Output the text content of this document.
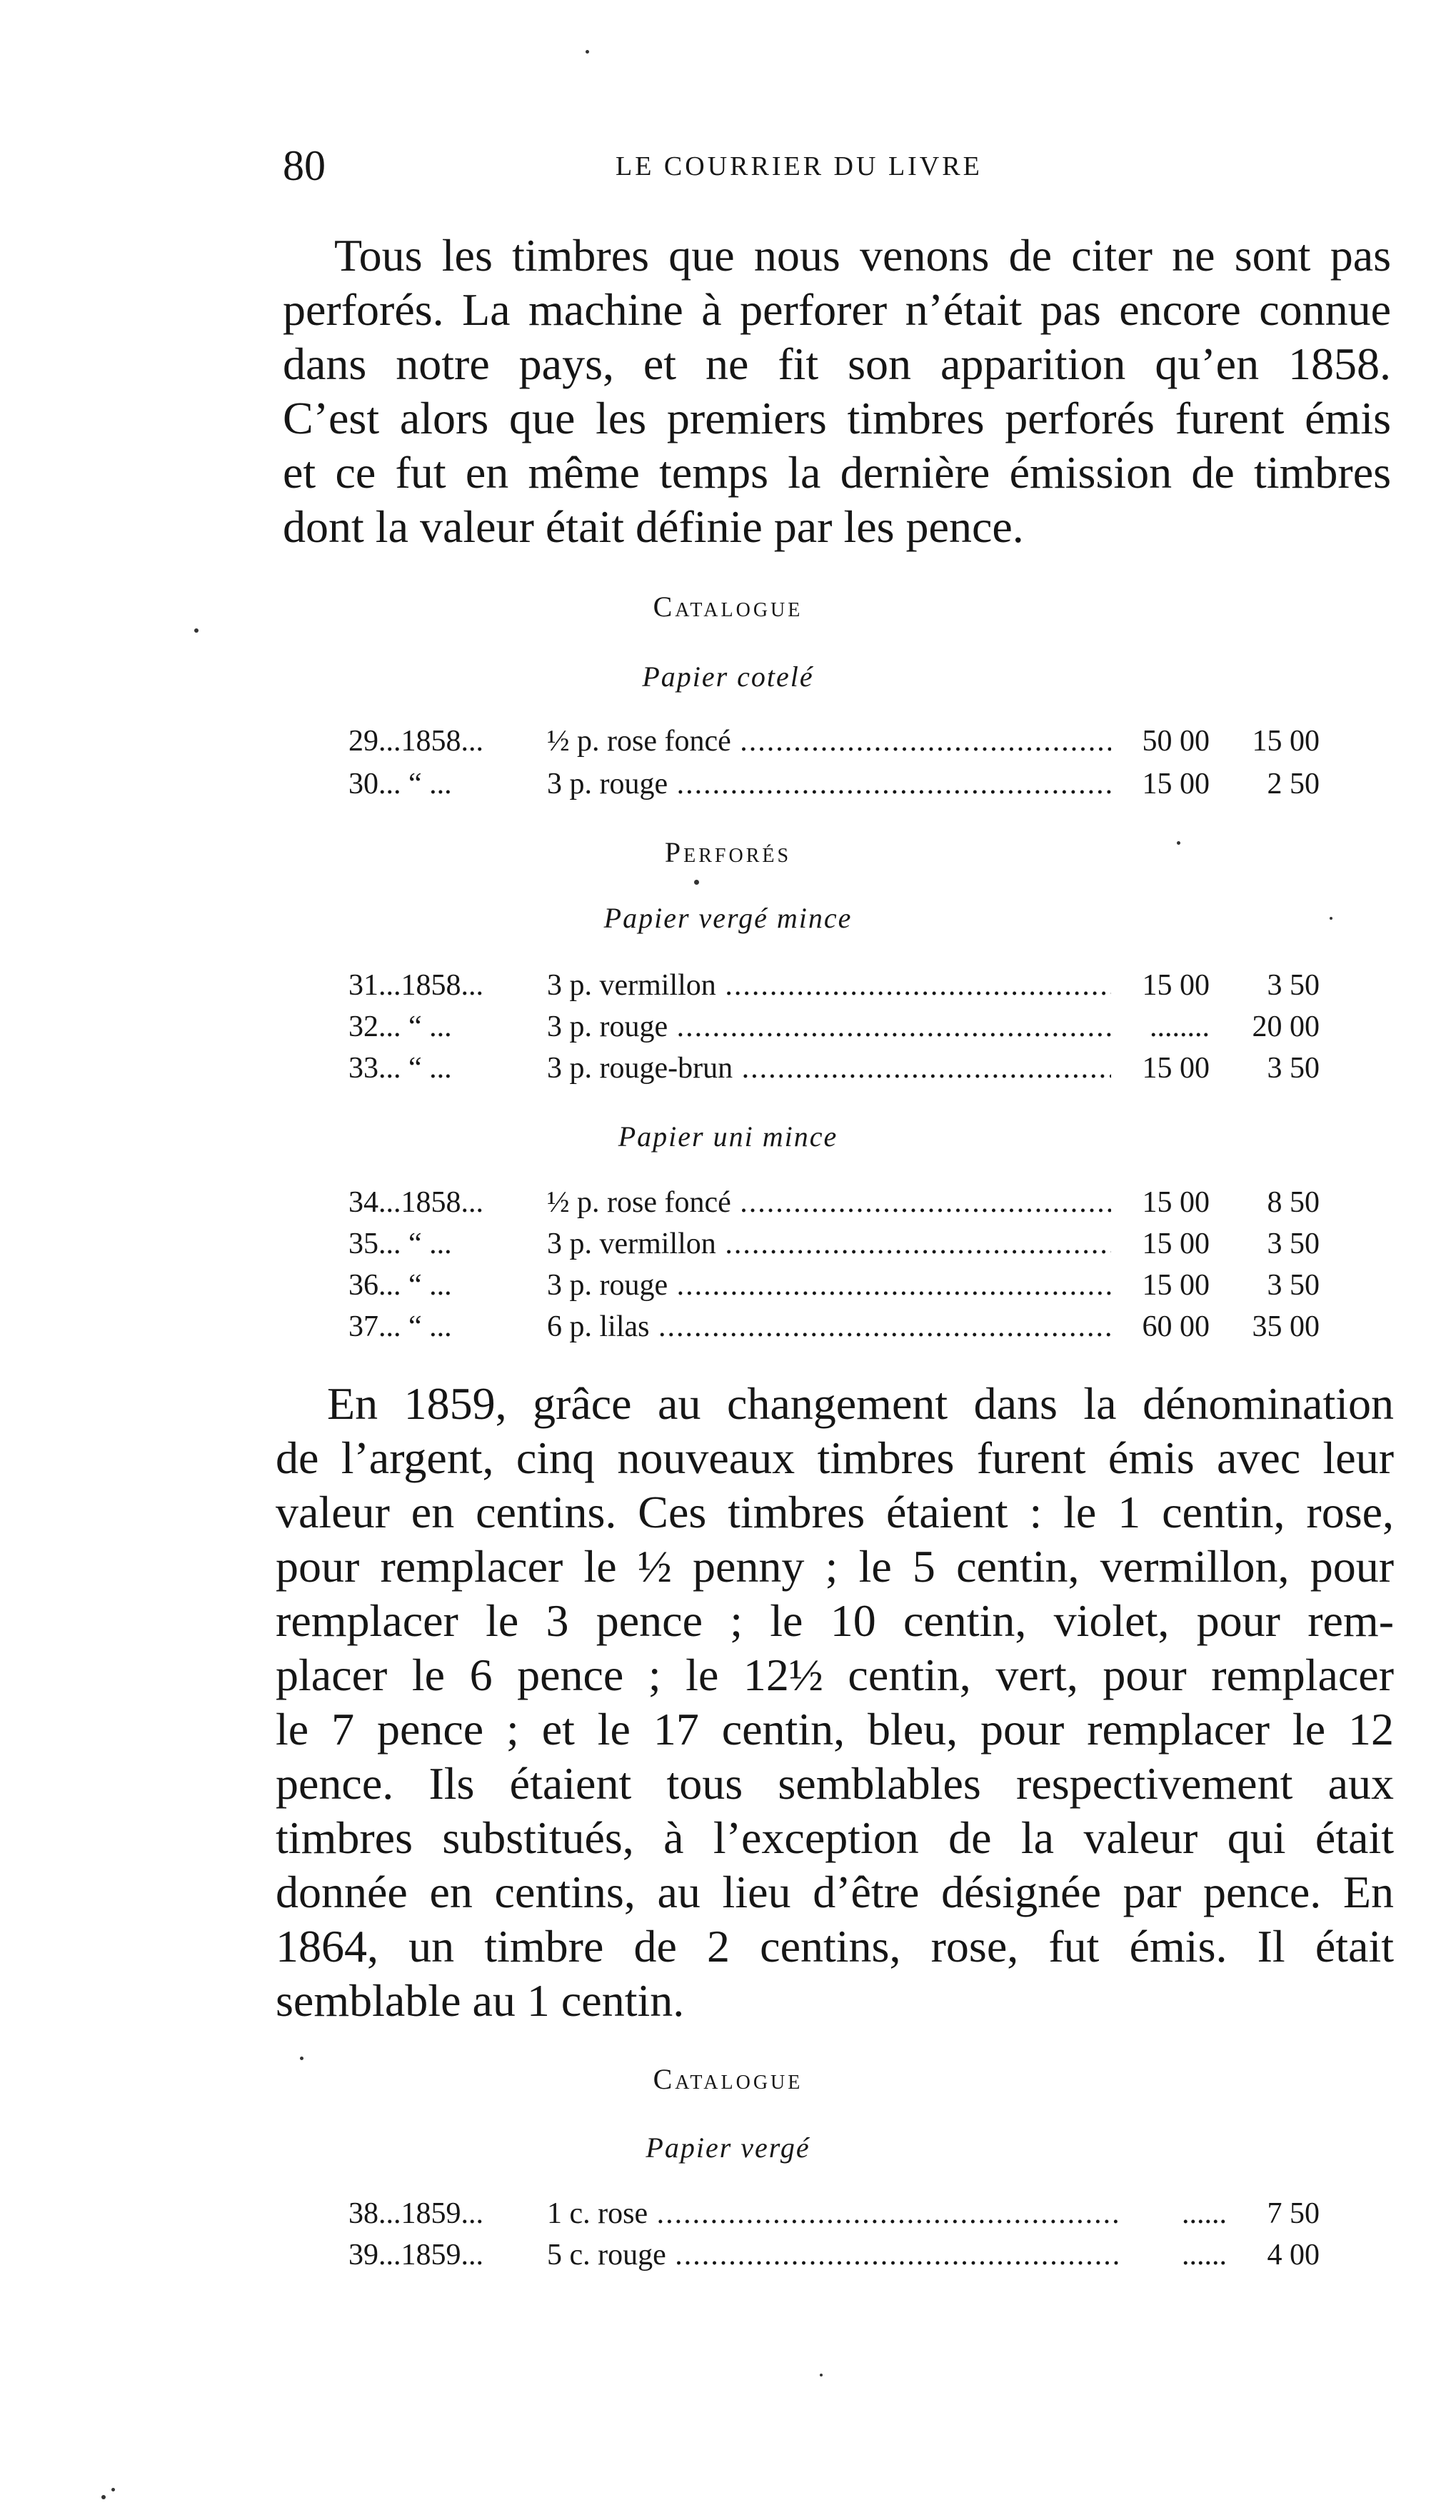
80	LE COURRIER DU LIVRE
Tous les timbres que nous venons de citer ne sont pas
perforés. La machine à perforer n’était pas encore connue
dans notre pays, et ne fit son apparition qu’en 1858.
C’est alors que les premiers timbres perforés furent émis
et ce fut en même temps la dernière émission de timbres
dont la valeur était définie par les pence.
Catalogue
Papier cotelé
29...1858... ½ p. rose foncé .....	50 00	15 00
30... “ ...	3 p. rouge .....	15 00	2 50
Perforés
Papier vergé mince
31...1858... 3 p. vermillon .....	15 00	3 50
32... “ ...	3 p. rouge .....	........	20 00
33... “ ...	3 p. rouge-brun .....	15 00	3 50
Papier uni mince
34...1858... ½ p. rose foncé .....	15 00	8 50
35... “ ...	3 p. vermillon .....	15 00	3 50
36... “ ...	3 p. rouge .....	15 00	3 50
37... “ ...	6 p. lilas .....	60 00	35 00
En 1859, grâce au changement dans la dénomination
de l’argent, cinq nouveaux timbres furent émis avec leur
valeur en centins. Ces timbres étaient : le 1 centin, rose,
pour remplacer le ½ penny ; le 5 centin, vermillon, pour
remplacer le 3 pence ; le 10 centin, violet, pour rem-
placer le 6 pence ; le 12½ centin, vert, pour remplacer
le 7 pence ; et le 17 centin, bleu, pour remplacer le 12
pence. Ils étaient tous semblables respectivement aux
timbres substitués, à l’exception de la valeur qui était
donnée en centins, au lieu d’être désignée par pence. En
1864, un timbre de 2 centins, rose, fut émis. Il était
semblable au 1 centin.
Catalogue
Papier vergé
38...1859... 1 c. rose .....	......	7 50
39...1859... 5 c. rouge .....	......	4 00
